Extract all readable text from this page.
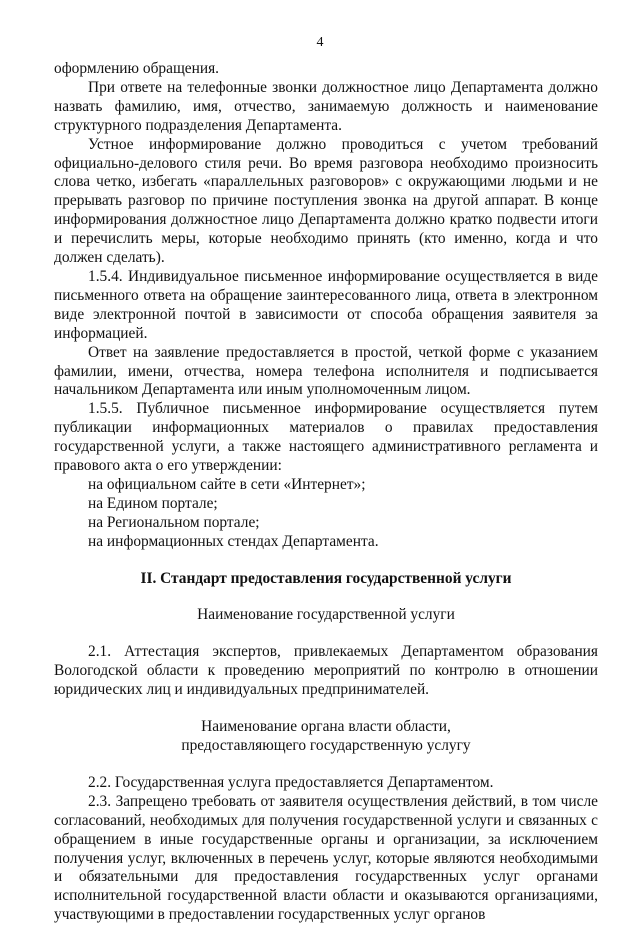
4

оформлению обращения.

При ответе на телефонные звонки должностное лицо Департамента должно назвать фамилию, имя, отчество, занимаемую должность и наименование структурного подразделения Департамента.

Устное информирование должно проводиться с учетом требований официально-делового стиля речи. Во время разговора необходимо произносить слова четко, избегать «параллельных разговоров» с окружающими людьми и не прерывать разговор по причине поступления звонка на другой аппарат. В конце информирования должностное лицо Департамента должно кратко подвести итоги и перечислить меры, которые необходимо принять (кто именно, когда и что должен сделать).

1.5.4. Индивидуальное письменное информирование осуществляется в виде письменного ответа на обращение заинтересованного лица, ответа в электронном виде электронной почтой в зависимости от способа обращения заявителя за информацией.

Ответ на заявление предоставляется в простой, четкой форме с указанием фамилии, имени, отчества, номера телефона исполнителя и подписывается начальником Департамента или иным уполномоченным лицом.

1.5.5. Публичное письменное информирование осуществляется путем публикации информационных материалов о правилах предоставления государственной услуги, а также настоящего административного регламента и правового акта о его утверждении:

на официальном сайте в сети «Интернет»;

на Едином портале;

на Региональном портале;

на информационных стендах Департамента.

II. Стандарт предоставления государственной услуги

Наименование государственной услуги

2.1. Аттестация экспертов, привлекаемых Департаментом образования Вологодской области к проведению мероприятий по контролю в отношении юридических лиц и индивидуальных предпринимателей.

Наименование органа власти области,

предоставляющего государственную услугу

2.2. Государственная услуга предоставляется Департаментом.

2.3. Запрещено требовать от заявителя осуществления действий, в том числе согласований, необходимых для получения государственной услуги и связанных с обращением в иные государственные органы и организации, за исключением получения услуг, включенных в перечень услуг, которые являются необходимыми и обязательными для предоставления государственных услуг органами исполнительной государственной власти области и оказываются организациями, участвующими в предоставлении государственных услуг органов
